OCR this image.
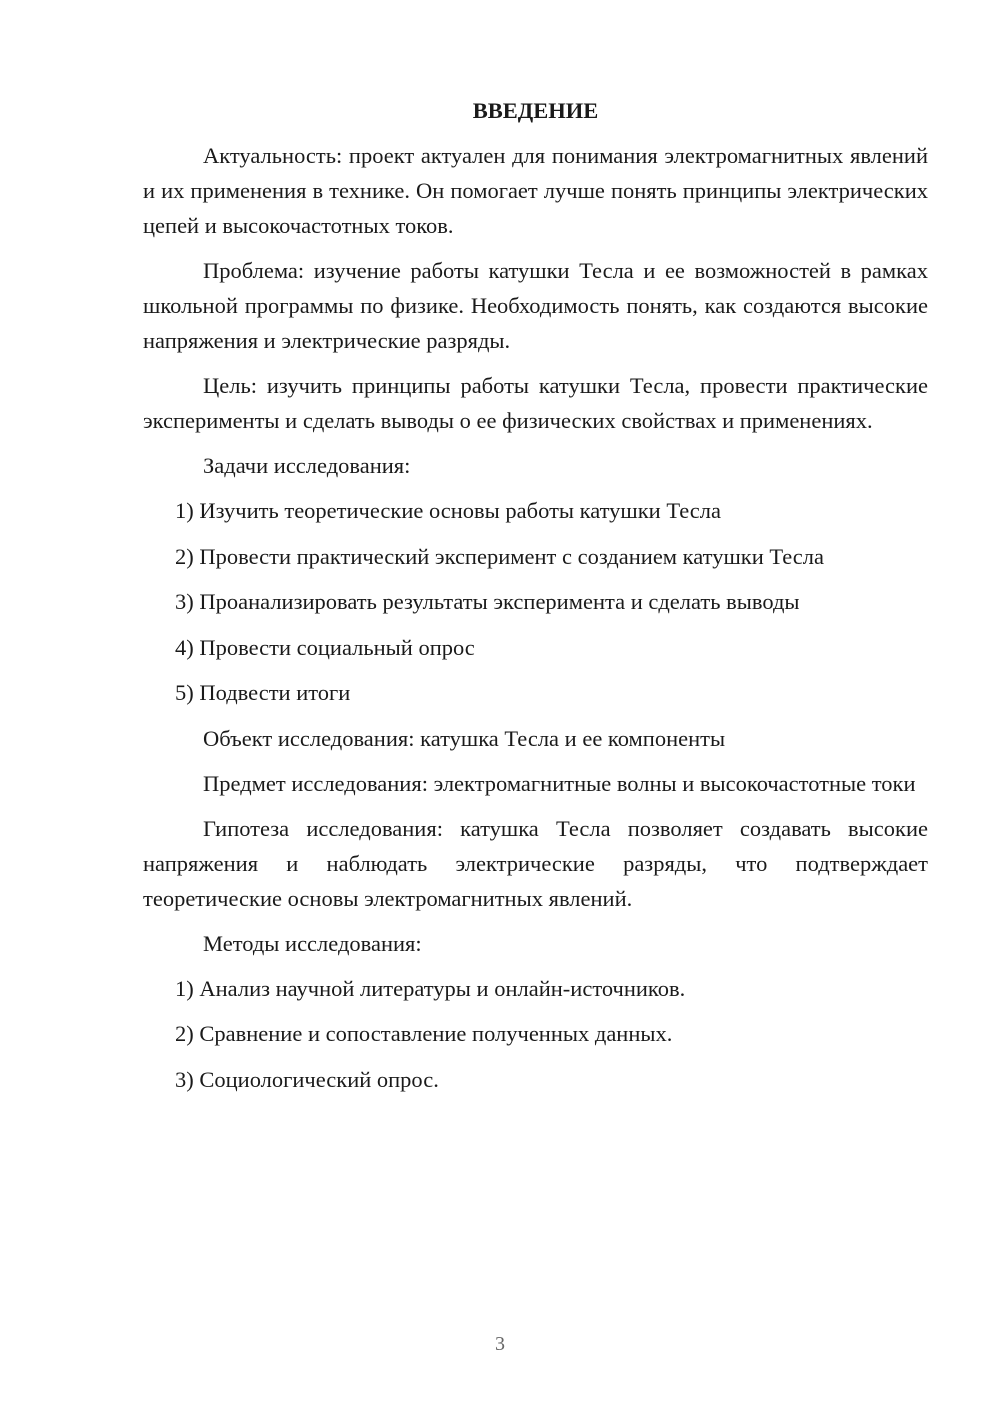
ВВЕДЕНИЕ

Актуальность: проект актуален для понимания электромагнитных явлений и их применения в технике. Он помогает лучше понять принципы электрических цепей и высокочастотных токов.

Проблема: изучение работы катушки Тесла и ее возможностей в рамках школьной программы по физике. Необходимость понять, как создаются высокие напряжения и электрические разряды.

Цель: изучить принципы работы катушки Тесла, провести практические эксперименты и сделать выводы о ее физических свойствах и применениях.

Задачи исследования:
1) Изучить теоретические основы работы катушки Тесла
2) Провести практический эксперимент с созданием катушки Тесла
3) Проанализировать результаты эксперимента и сделать выводы
4) Провести социальный опрос
5) Подвести итоги
Объект исследования: катушка Тесла и ее компоненты

Предмет исследования: электромагнитные волны и высокочастотные токи

Гипотеза исследования: катушка Тесла позволяет создавать высокие напряжения и наблюдать электрические разряды, что подтверждает теоретические основы электромагнитных явлений.

Методы исследования:
1) Анализ научной литературы и онлайн-источников.
2) Сравнение и сопоставление полученных данных.
3) Социологический опрос.
3
